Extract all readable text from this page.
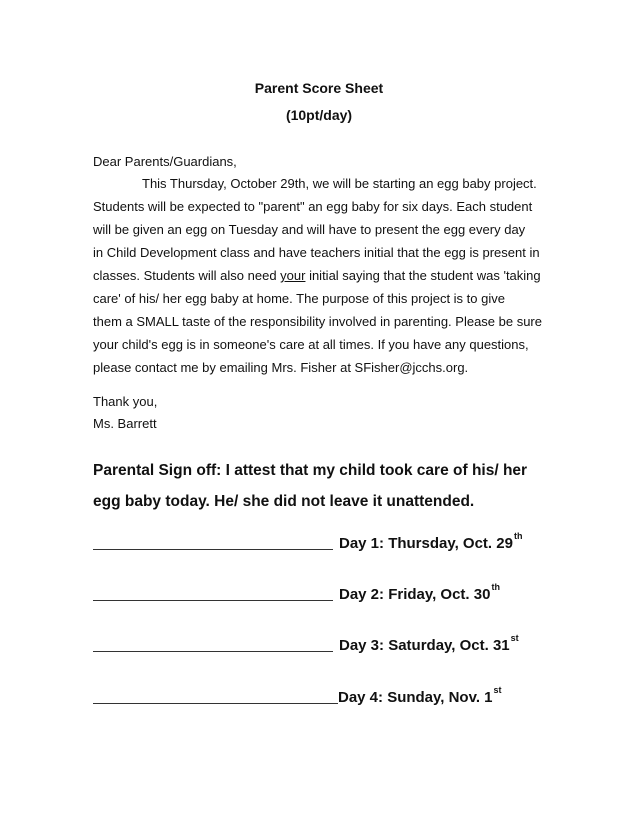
Parent Score Sheet
(10pt/day)
Dear Parents/Guardians,
This Thursday, October 29th, we will be starting an egg baby project.
Students will be expected to "parent" an egg baby for six days. Each student
will be given an egg on Tuesday and will have to present the egg every day
in Child Development class and have teachers initial that the egg is present in
classes. Students will also need your initial saying that the student was 'taking
care' of his/ her egg baby at home. The purpose of this project is to give
them a SMALL taste of the responsibility involved in parenting. Please be sure
your child's egg is in someone's care at all times. If you have any questions,
please contact me by emailing Mrs. Fisher at SFisher@jcchs.org.
Thank you,
Ms. Barrett
Parental Sign off: I attest that my child took care of his/ her
egg baby today. He/ she did not leave it unattended.
Day 1: Thursday, Oct. 29th
Day 2: Friday, Oct. 30th
Day 3: Saturday, Oct. 31st
Day 4: Sunday, Nov. 1st
